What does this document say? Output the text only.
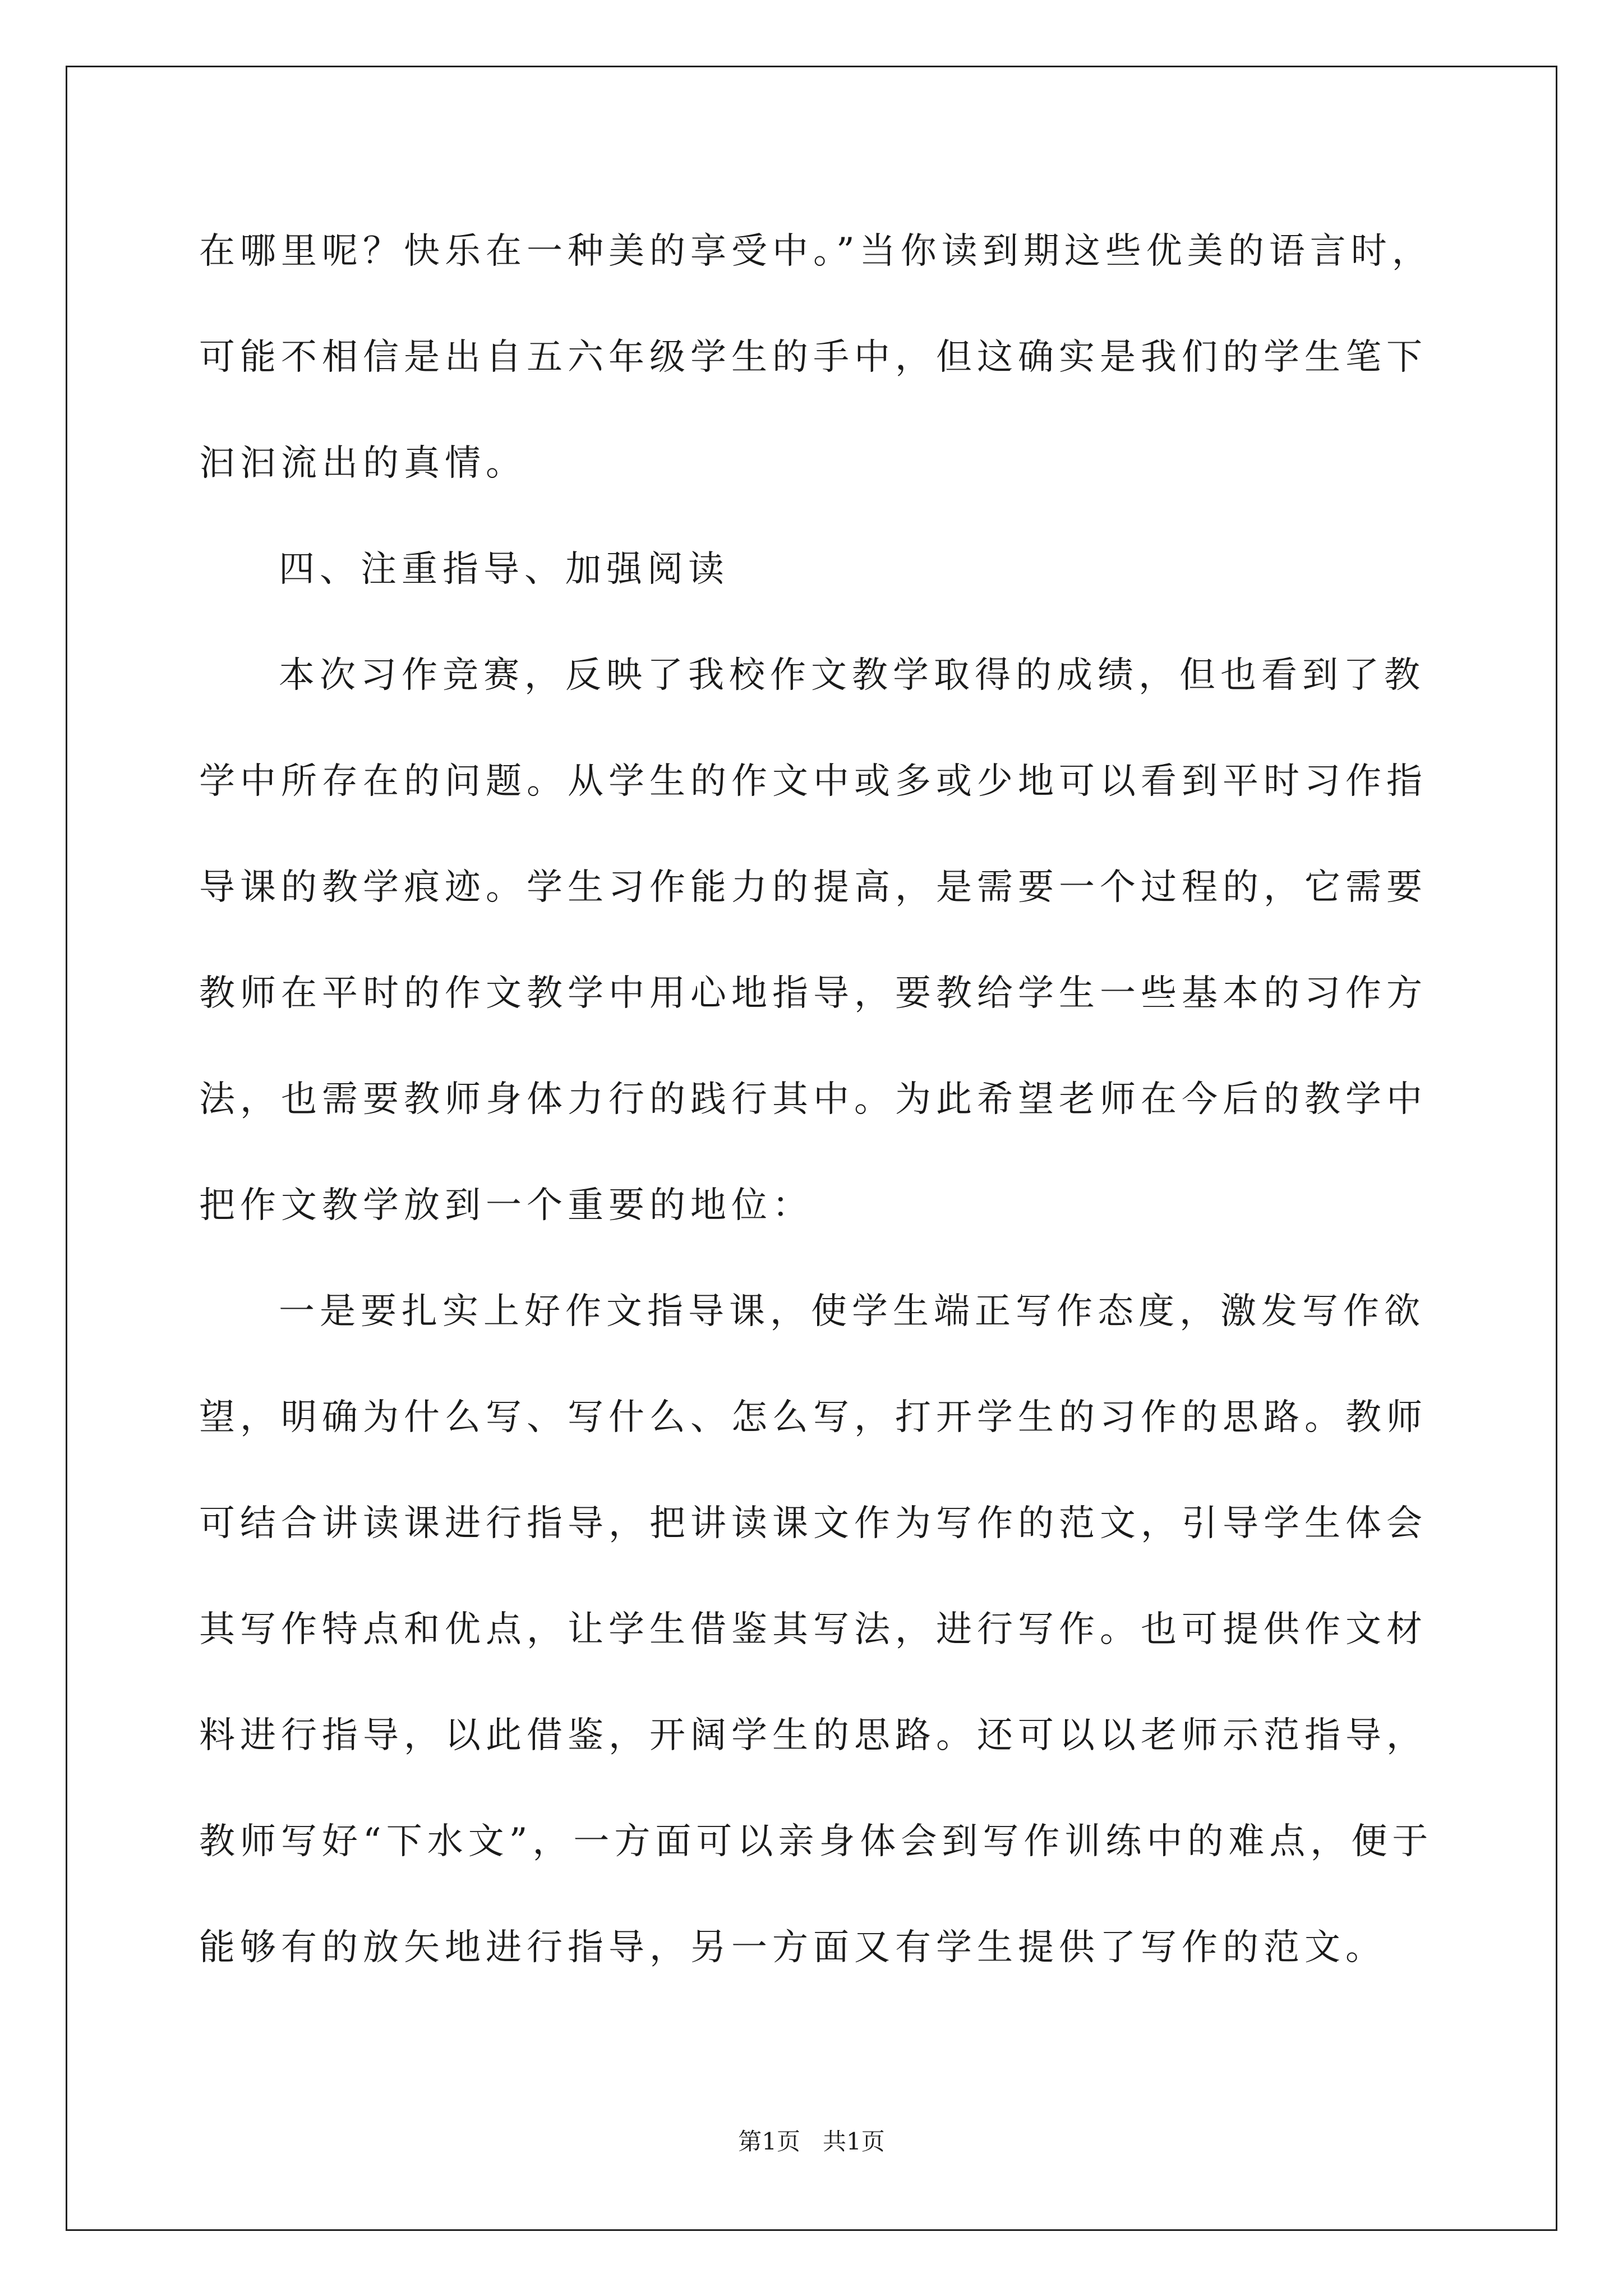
在哪里呢？快乐在一种美的享受中。”当你读到期这些优美的语言时，
可能不相信是出自五六年级学生的手中，但这确实是我们的学生笔下
汩汩流出的真情。
四、注重指导、加强阅读
本次习作竞赛，反映了我校作文教学取得的成绩，但也看到了教
学中所存在的问题。从学生的作文中或多或少地可以看到平时习作指
导课的教学痕迹。学生习作能力的提高，是需要一个过程的，它需要
教师在平时的作文教学中用心地指导，要教给学生一些基本的习作方
法，也需要教师身体力行的践行其中。为此希望老师在今后的教学中
把作文教学放到一个重要的地位：
一是要扎实上好作文指导课，使学生端正写作态度，激发写作欲
望，明确为什么写、写什么、怎么写，打开学生的习作的思路。教师
可结合讲读课进行指导，把讲读课文作为写作的范文，引导学生体会
其写作特点和优点，让学生借鉴其写法，进行写作。也可提供作文材
料进行指导，以此借鉴，开阔学生的思路。还可以以老师示范指导，
教师写好“下水文”，一方面可以亲身体会到写作训练中的难点，便于
能够有的放矢地进行指导，另一方面又有学生提供了写作的范文。
第1页   共1页
